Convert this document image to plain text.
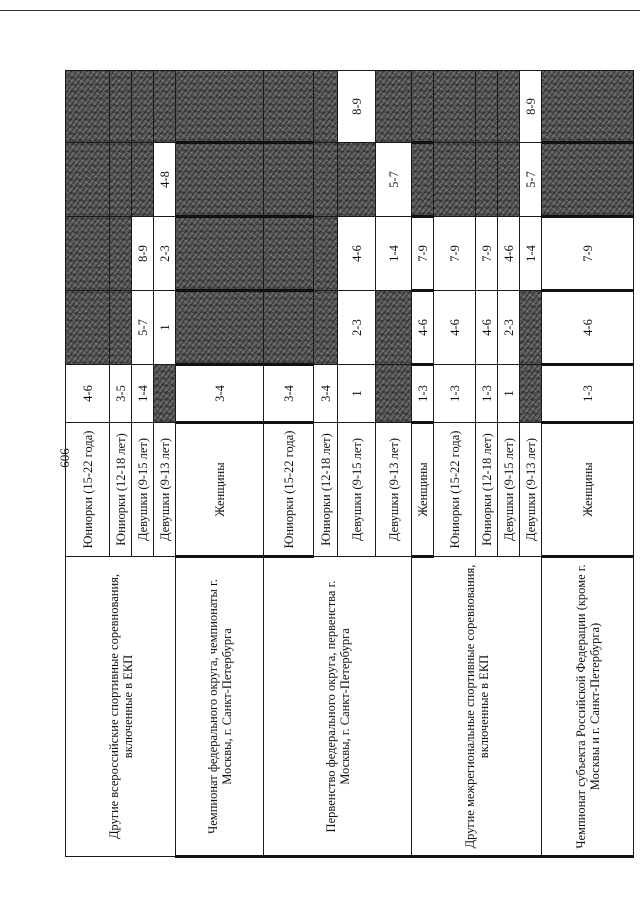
606
Другие всероссийские спортивные соревнования, включенные в ЕКП	Юниорки (15-22 года)	4-6				
	Юниорки (12-18 лет)	3-5				
	Девушки (9-15 лет)	1-4	5-7	8-9		
	Девушки (9-13 лет)		1	2-3	4-8	
Чемпионат федерального округа, чемпионаты г. Москвы, г. Санкт-Петербурга	Женщины	3-4				
Первенство федерального округа, первенства г. Москвы, г. Санкт-Петербурга	Юниорки (15-22 года)	3-4				
	Юниорки (12-18 лет)	3-4				
	Девушки (9-15 лет)	1	2-3	4-6		8-9
	Девушки (9-13 лет)			1-4	5-7	
Другие межрегиональные спортивные соревнования, включенные в ЕКП	Женщины	1-3	4-6	7-9		
	Юниорки (15-22 года)	1-3	4-6	7-9		
	Юниорки (12-18 лет)	1-3	4-6	7-9		
	Девушки (9-15 лет)	1	2-3	4-6		
	Девушки (9-13 лет)			1-4	5-7	8-9
Чемпионат субъекта Российской Федерации (кроме г. Москвы и г. Санкт-Петербурга)	Женщины	1-3	4-6	7-9		
